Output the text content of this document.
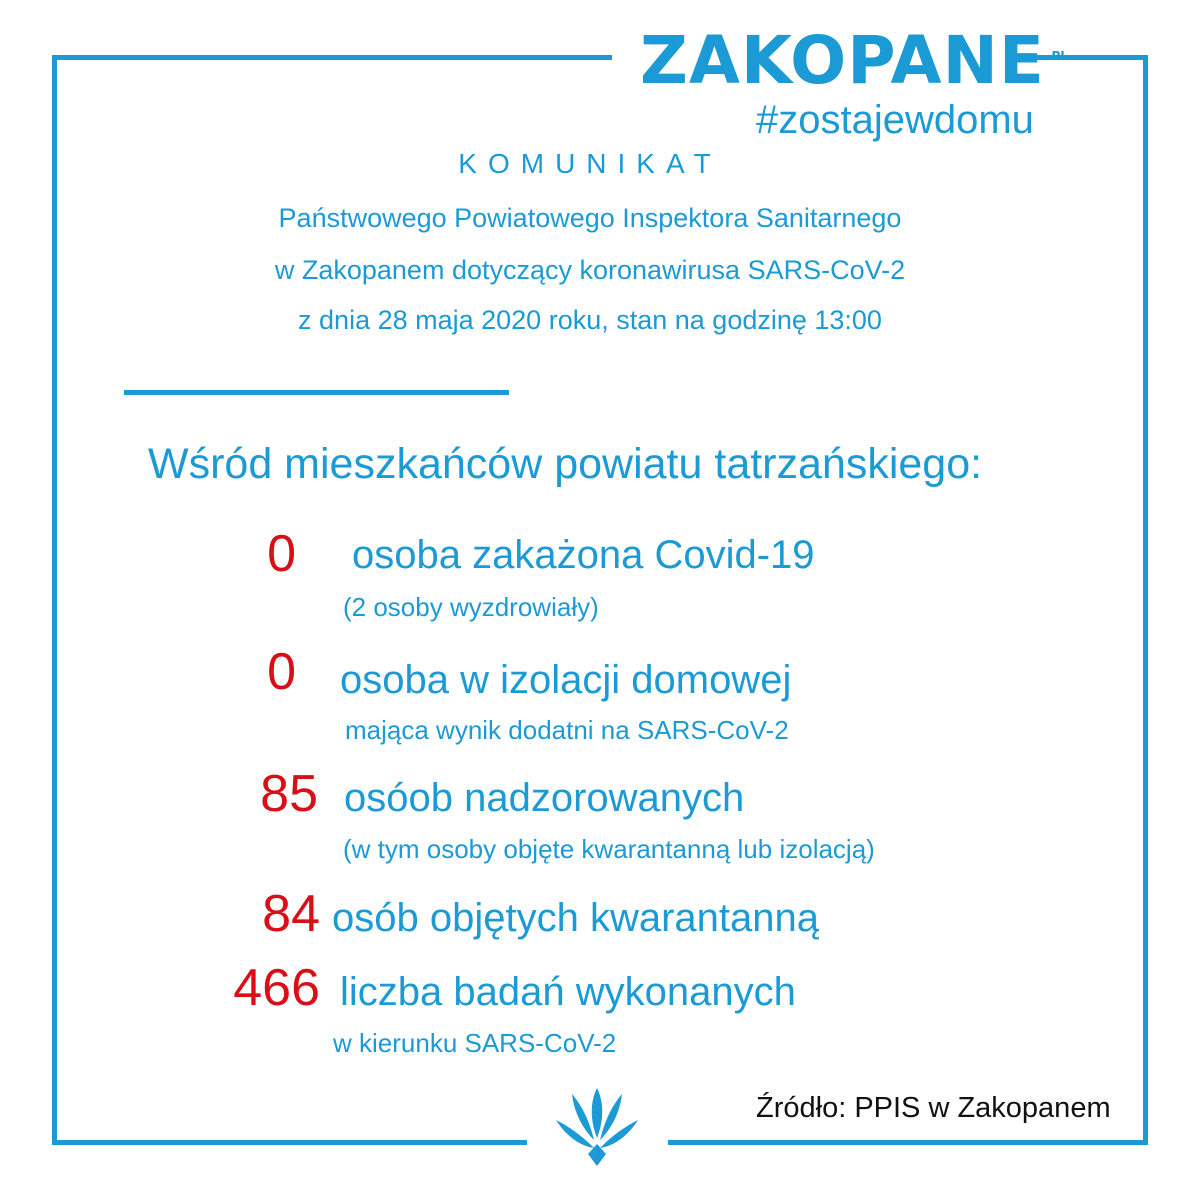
ZAKOPANE $^{.PL}$
#zostajewdomu
KOMUNIKAT
Państwowego Powiatowego Inspektora Sanitarnego
w Zakopanem dotyczący koronawirusa SARS-CoV-2
z dnia 28 maja 2020 roku, stan na godzinę 13:00
Wśród mieszkańców powiatu tatrzańskiego:
0 osoba zakażona Covid-19
(2 osoby wyzdrowiały)
0 osoba w izolacji domowej
mająca wynik dodatni na SARS-CoV-2
85 osóob nadzorowanych
(w tym osoby objęte kwarantanną lub izolacją)
84 osób objętych kwarantanną
466 liczba badań wykonanych
w kierunku SARS-CoV-2
Źródło: PPIS w Zakopanem
